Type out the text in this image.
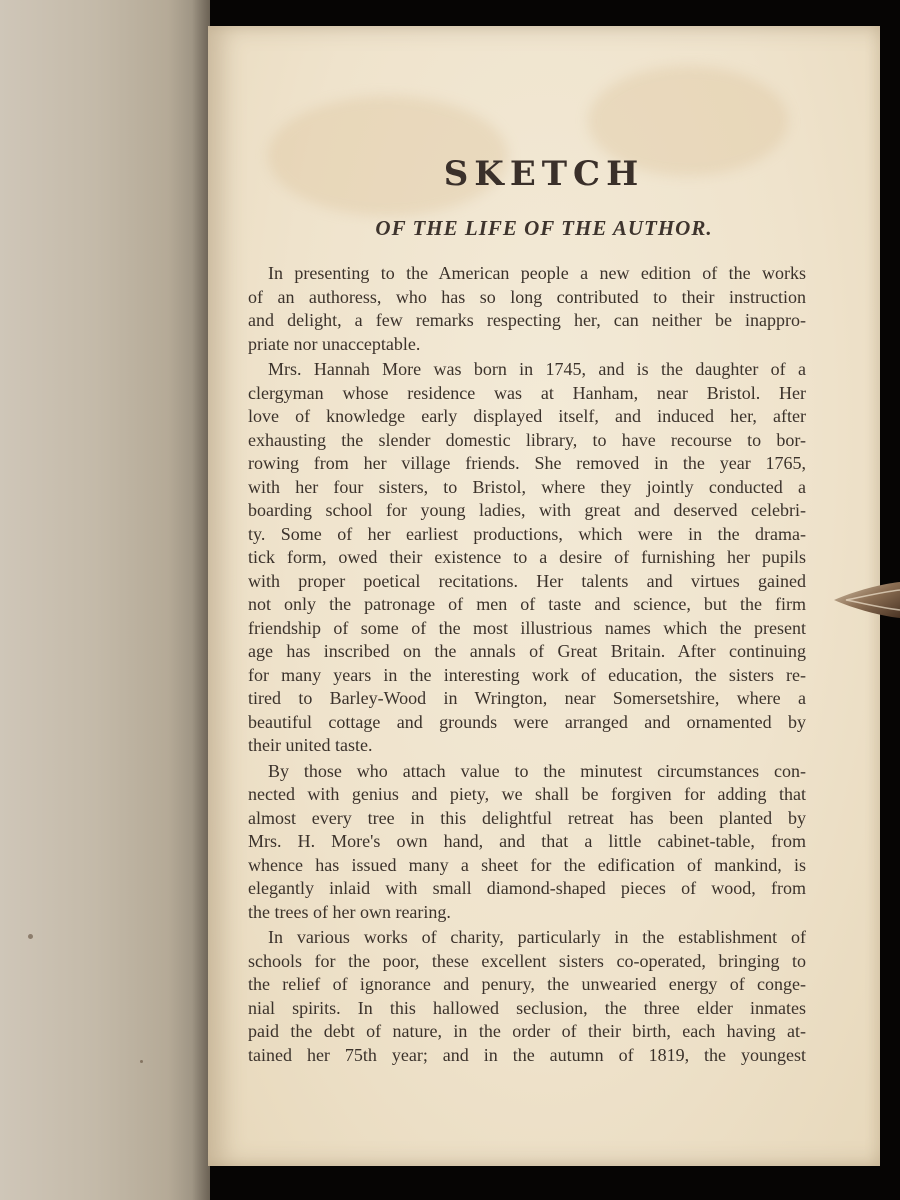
SKETCH
OF THE LIFE OF THE AUTHOR.
In presenting to the American people a new edition of the works
of an authoress, who has so long contributed to their instruction
and delight, a few remarks respecting her, can neither be inappro-
priate nor unacceptable.
Mrs. Hannah More was born in 1745, and is the daughter of a
clergyman whose residence was at Hanham, near Bristol. Her
love of knowledge early displayed itself, and induced her, after
exhausting the slender domestic library, to have recourse to bor-
rowing from her village friends. She removed in the year 1765,
with her four sisters, to Bristol, where they jointly conducted a
boarding school for young ladies, with great and deserved celebri-
ty. Some of her earliest productions, which were in the drama-
tick form, owed their existence to a desire of furnishing her pupils
with proper poetical recitations. Her talents and virtues gained
not only the patronage of men of taste and science, but the firm
friendship of some of the most illustrious names which the present
age has inscribed on the annals of Great Britain. After continuing
for many years in the interesting work of education, the sisters re-
tired to Barley-Wood in Wrington, near Somersetshire, where a
beautiful cottage and grounds were arranged and ornamented by
their united taste.
By those who attach value to the minutest circumstances con-
nected with genius and piety, we shall be forgiven for adding that
almost every tree in this delightful retreat has been planted by
Mrs. H. More's own hand, and that a little cabinet-table, from
whence has issued many a sheet for the edification of mankind, is
elegantly inlaid with small diamond-shaped pieces of wood, from
the trees of her own rearing.
In various works of charity, particularly in the establishment of
schools for the poor, these excellent sisters co-operated, bringing to
the relief of ignorance and penury, the unwearied energy of conge-
nial spirits. In this hallowed seclusion, the three elder inmates
paid the debt of nature, in the order of their birth, each having at-
tained her 75th year; and in the autumn of 1819, the youngest
